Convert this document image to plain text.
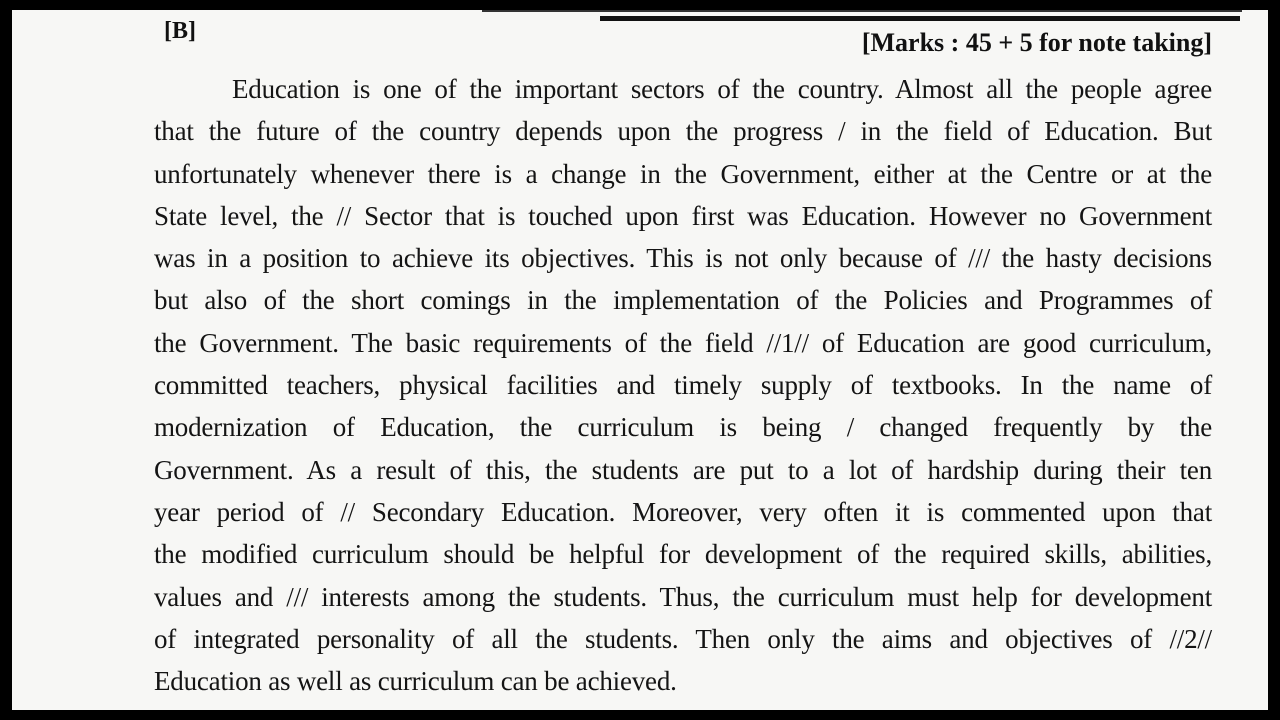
[B]	[Marks : 45 + 5 for note taking]
Education is one of the important sectors of the country. Almost all the people agree
that the future of the country depends upon the progress / in the field of Education. But
unfortunately whenever there is a change in the Government, either at the Centre or at the
State level, the // Sector that is touched upon first was Education. However no Government
was in a position to achieve its objectives. This is not only because of /// the hasty decisions
but also of the short comings in the implementation of the Policies and Programmes of
the Government. The basic requirements of the field //1// of Education are good curriculum,
committed teachers, physical facilities and timely supply of textbooks. In the name of
modernization of Education, the curriculum is being / changed frequently by the
Government. As a result of this, the students are put to a lot of hardship during their ten
year period of // Secondary Education. Moreover, very often it is commented upon that
the modified curriculum should be helpful for development of the required skills, abilities,
values and /// interests among the students. Thus, the curriculum must help for development
of integrated personality of all the students. Then only the aims and objectives of //2//
Education as well as curriculum can be achieved.
